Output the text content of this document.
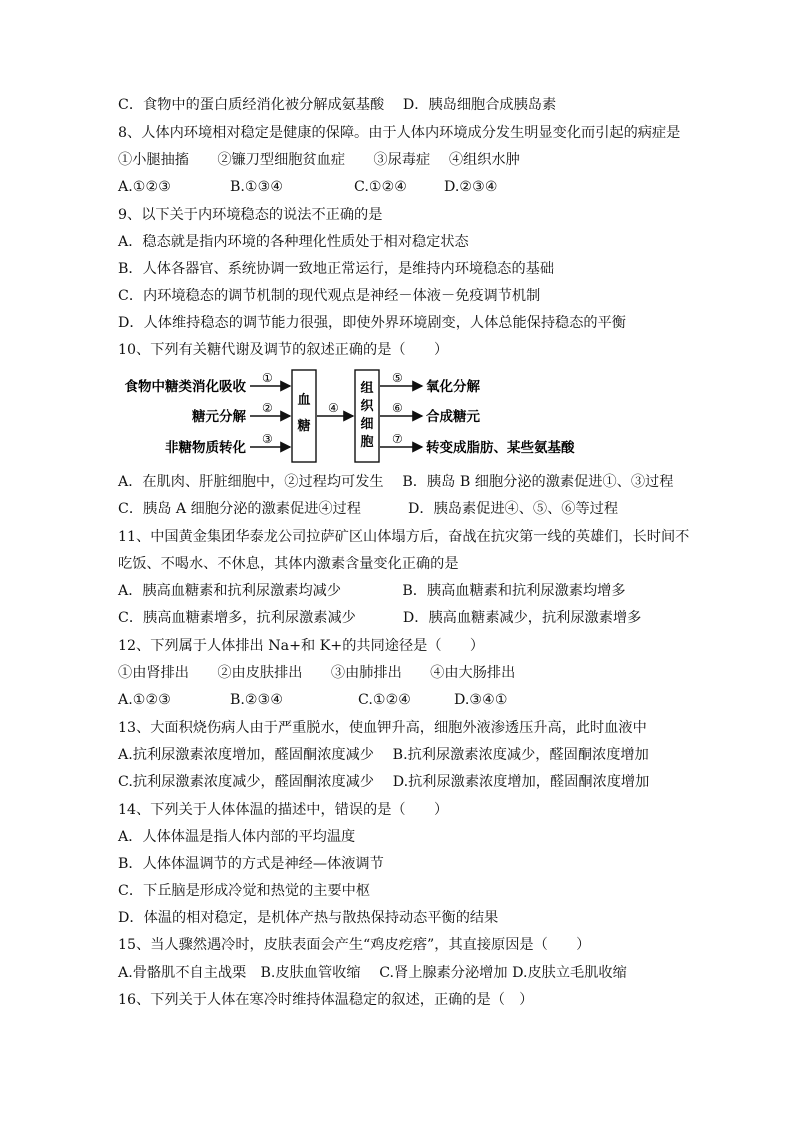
C．食物中的蛋白质经消化被分解成氨基酸　 D．胰岛细胞合成胰岛素
8、人体内环境相对稳定是健康的保障。由于人体内环境成分发生明显变化而引起的病症是
①小腿抽搐　　②镰刀型细胞贫血症　　③尿毒症　 ④组织水肿
A.①②③	B.①③④	C.①②④	D.②③④
9、以下关于内环境稳态的说法不正确的是
A．稳态就是指内环境的各种理化性质处于相对稳定状态
B．人体各器官、系统协调一致地正常运行，是维持内环境稳态的基础
C．内环境稳态的调节机制的现代观点是神经－体液－免疫调节机制
D．人体维持稳态的调节能力很强，即使外界环境剧变，人体总能保持稳态的平衡
10、下列有关糖代谢及调节的叙述正确的是（　　）
食物中糖类消化吸收
糖元分解
非糖物质转化
①
②
③
血
糖
④
组
织
细
胞
⑤
⑥
⑦
氧化分解
合成糖元
转变成脂肪、某些氨基酸
A．在肌肉、肝脏细胞中，②过程均可发生　 B．胰岛 B 细胞分泌的激素促进①、③过程
C．胰岛 A 细胞分泌的激素促进④过程　　　 D．胰岛素促进④、⑤、⑥等过程
11、中国黄金集团华泰龙公司拉萨矿区山体塌方后，奋战在抗灾第一线的英雄们，长时间不
吃饭、不喝水、不休息，其体内激素含量变化正确的是
A．胰高血糖素和抗利尿激素均减少　　　　 B．胰高血糖素和抗利尿激素均增多
C．胰高血糖素增多，抗利尿激素减少　　　 D．胰高血糖素减少，抗利尿激素增多
12、下列属于人体排出 Na+和 K+的共同途径是（　　）
①由肾排出　　②由皮肤排出　　③由肺排出　　④由大肠排出
A.①②③	B.②③④	C.①②④	D.③④①
13、大面积烧伤病人由于严重脱水，使血钾升高，细胞外液渗透压升高，此时血液中
A.抗利尿激素浓度增加，醛固酮浓度减少　 B.抗利尿激素浓度减少，醛固酮浓度增加
C.抗利尿激素浓度减少，醛固酮浓度减少　 D.抗利尿激素浓度增加，醛固酮浓度增加
14、下列关于人体体温的描述中，错误的是（　　）
A．人体体温是指人体内部的平均温度
B．人体体温调节的方式是神经—体液调节
C．下丘脑是形成冷觉和热觉的主要中枢
D．体温的相对稳定，是机体产热与散热保持动态平衡的结果
15、当人骤然遇冷时，皮肤表面会产生“鸡皮疙瘩”，其直接原因是（　　）
A.骨骼肌不自主战栗　B.皮肤血管收缩　 C.肾上腺素分泌增加 D.皮肤立毛肌收缩
16、下列关于人体在寒冷时维持体温稳定的叙述，正确的是（　）
